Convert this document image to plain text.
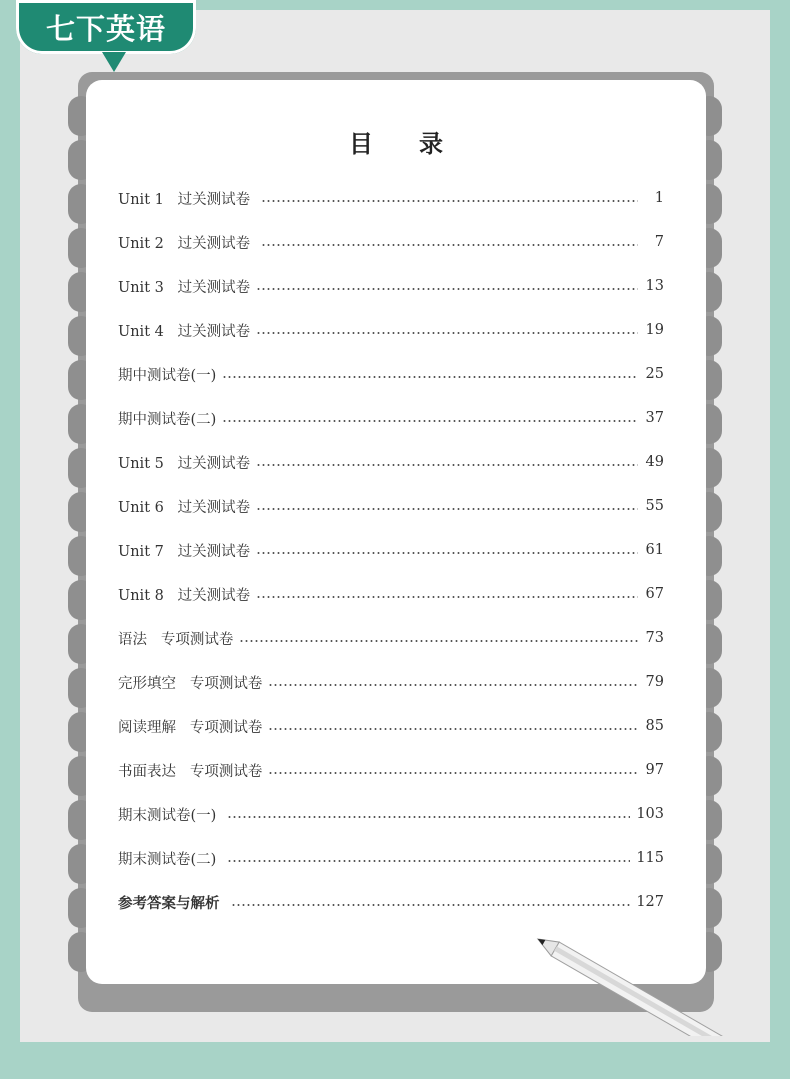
七下英语
目录
Unit 1   过关测试卷	1
Unit 2   过关测试卷	7
Unit 3   过关测试卷	13
Unit 4   过关测试卷	19
期中测试卷(一)	25
期中测试卷(二)	37
Unit 5   过关测试卷	49
Unit 6   过关测试卷	55
Unit 7   过关测试卷	61
Unit 8   过关测试卷	67
语法   专项测试卷	73
完形填空   专项测试卷	79
阅读理解   专项测试卷	85
书面表达   专项测试卷	97
期末测试卷(一)	103
期末测试卷(二)	115
参考答案与解析	127
